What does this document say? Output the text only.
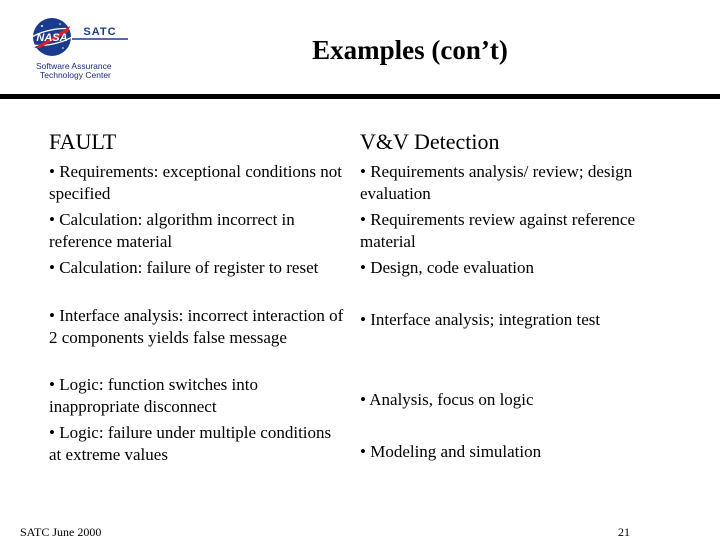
NASA SATC
Software Assurance
Technology Center
Examples (con’t)
FAULT	V&V Detection
• Requirements: exceptional conditions not specified
• Calculation: algorithm incorrect in reference material
• Calculation: failure of register to reset
• Interface analysis: incorrect interaction of 2 components yields false message
• Logic: function switches into inappropriate disconnect
• Logic: failure under multiple conditions at extreme values
• Requirements analysis/ review; design evaluation
• Requirements review against reference material
• Design, code evaluation
• Interface analysis; integration test
• Analysis, focus on logic
• Modeling and simulation
SATC June 2000	21
